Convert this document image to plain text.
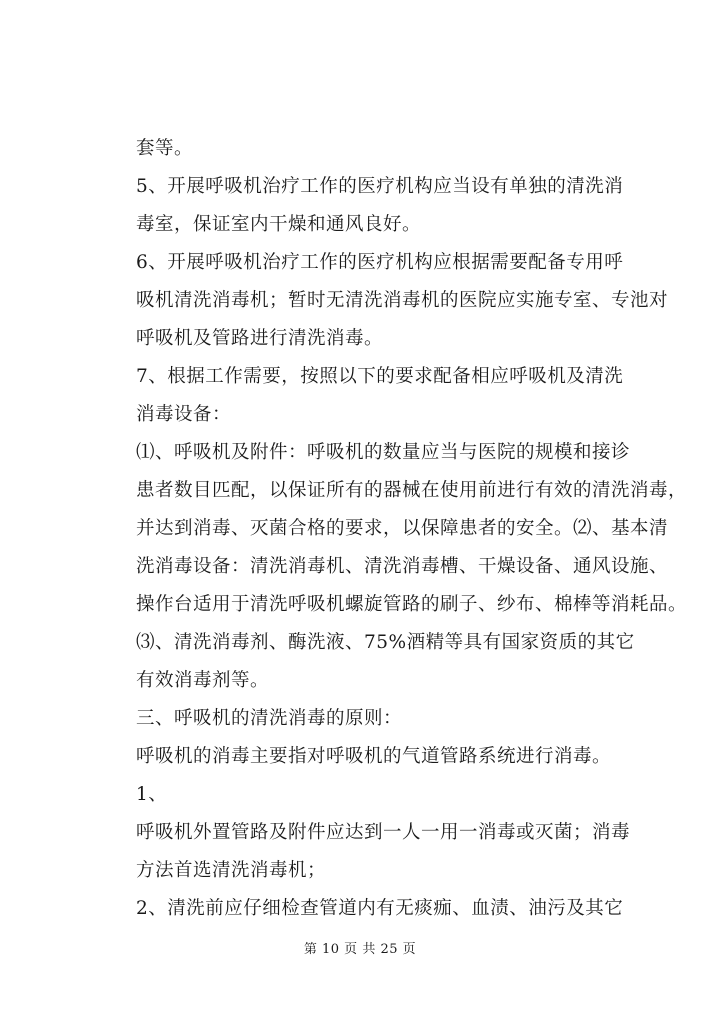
套等。
5、开展呼吸机治疗工作的医疗机构应当设有单独的清洗消
毒室，保证室内干燥和通风良好。
6、开展呼吸机治疗工作的医疗机构应根据需要配备专用呼
吸机清洗消毒机；暂时无清洗消毒机的医院应实施专室、专池对
呼吸机及管路进行清洗消毒。
7、根据工作需要，按照以下的要求配备相应呼吸机及清洗
消毒设备：
⑴、呼吸机及附件：呼吸机的数量应当与医院的规模和接诊
患者数目匹配，以保证所有的器械在使用前进行有效的清洗消毒，
并达到消毒、灭菌合格的要求，以保障患者的安全。⑵、基本清
洗消毒设备：清洗消毒机、清洗消毒槽、干燥设备、通风设施、
操作台适用于清洗呼吸机螺旋管路的刷子、纱布、棉棒等消耗品。
⑶、清洗消毒剂、酶洗液、75%酒精等具有国家资质的其它
有效消毒剂等。
三、呼吸机的清洗消毒的原则：
呼吸机的消毒主要指对呼吸机的气道管路系统进行消毒。
1、
呼吸机外置管路及附件应达到一人一用一消毒或灭菌；消毒
方法首选清洗消毒机；
2、清洗前应仔细检查管道内有无痰痂、血渍、油污及其它
第 10 页 共 25 页
